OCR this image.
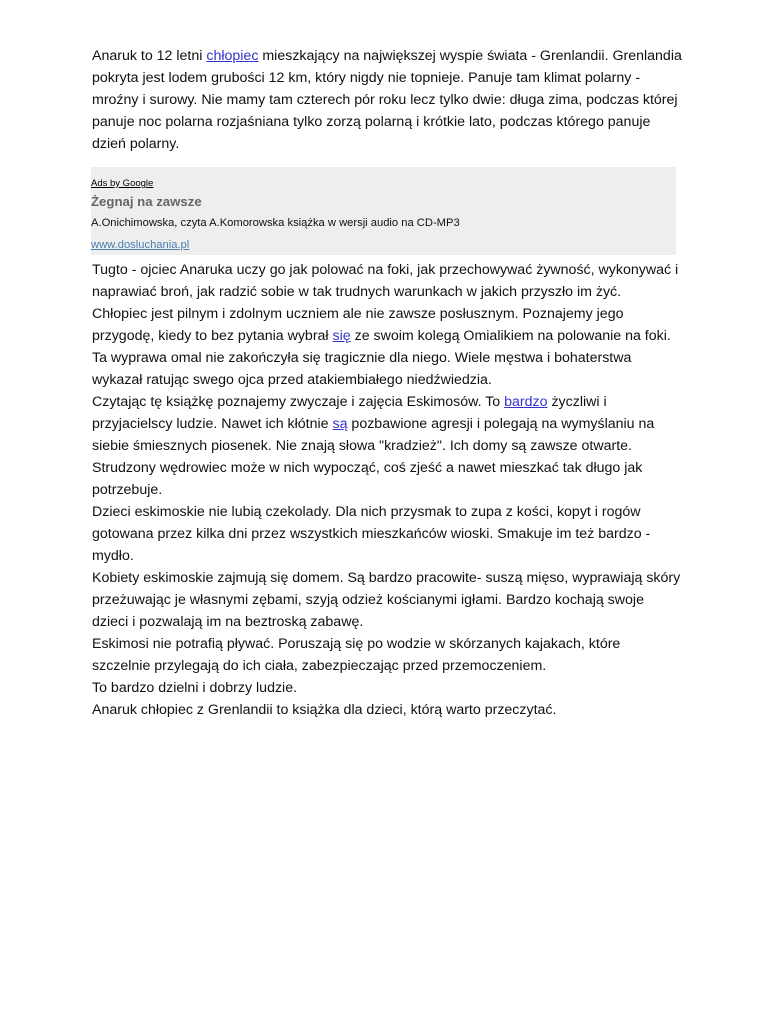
Anaruk to 12 letni chłopiec mieszkający na największej wyspie świata - Grenlandii. Grenlandia pokryta jest lodem grubości 12 km, który nigdy nie topnieje. Panuje tam klimat polarny - mroźny i surowy. Nie mamy tam czterech pór roku lecz tylko dwie: długa zima, podczas której panuje noc polarna rozjaśniana tylko zorzą polarną i krótkie lato, podczas którego panuje dzień polarny.

Ads by Google
Żegnaj na zawsze
A.Onichimowska, czyta A.Komorowska książka w wersji audio na CD-MP3
www.dosluchania.pl

Tugto - ojciec Anaruka uczy go jak polować na foki, jak przechowywać żywność, wykonywać i naprawiać broń, jak radzić sobie w tak trudnych warunkach w jakich przyszło im żyć.

Chłopiec jest pilnym i zdolnym uczniem ale nie zawsze posłusznym. Poznajemy jego przygodę, kiedy to bez pytania wybrał się ze swoim kolegą Omialikiem na polowanie na foki. Ta wyprawa omal nie zakończyła się tragicznie dla niego. Wiele męstwa i bohaterstwa wykazał ratując swego ojca przed atakiembiałego niedźwiedzia.

Czytając tę książkę poznajemy zwyczaje i zajęcia Eskimosów. To bardzo życzliwi i przyjacielscy ludzie. Nawet ich kłótnie są pozbawione agresji i polegają na wymyślaniu na siebie śmiesznych piosenek. Nie znają słowa "kradzież". Ich domy są zawsze otwarte. Strudzony wędrowiec może w nich wypocząć, coś zjeść a nawet mieszkać tak długo jak potrzebuje.

Dzieci eskimoskie nie lubią czekolady. Dla nich przysmak to zupa z kości, kopyt i rogów gotowana przez kilka dni przez wszystkich mieszkańców wioski. Smakuje im też bardzo - mydło.

Kobiety eskimoskie zajmują się domem. Są bardzo pracowite- suszą mięso, wyprawiają skóry przeżuwając je własnymi zębami, szyją odzież kościanymi igłami. Bardzo kochają swoje dzieci i pozwalają im na beztroską zabawę.

Eskimosi nie potrafią pływać. Poruszają się po wodzie w skórzanych kajakach, które szczelnie przylegają do ich ciała, zabezpieczając przed przemoczeniem.

To bardzo dzielni i dobrzy ludzie.

Anaruk chłopiec z Grenlandii to książka dla dzieci, którą warto przeczytać.
